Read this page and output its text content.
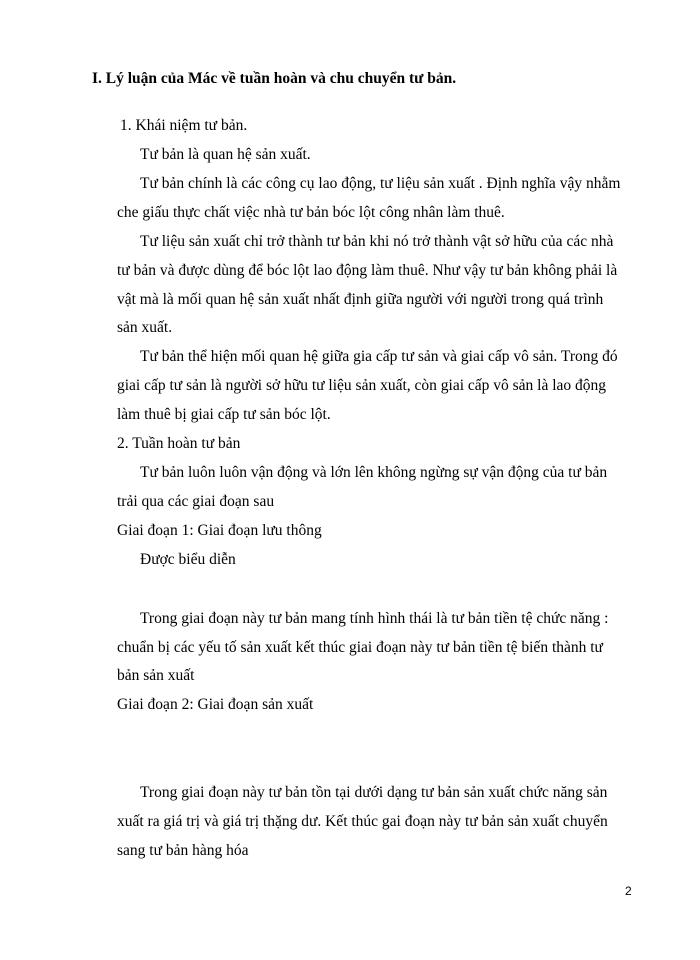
I. Lý luận của Mác về tuần hoàn và chu chuyển tư bản.
1. Khái niệm tư bản.
Tư bản là quan hệ sản xuất.
Tư bản chính là các công cụ lao động, tư liệu sản xuất . Định nghĩa vậy nhằm
che giấu thực chất việc nhà tư bản bóc lột công nhân làm thuê.
Tư liệu sản xuất chỉ trở thành tư bản khi nó trở thành vật sở hữu của các nhà
tư bản và được dùng để bóc lột lao động làm thuê. Như vậy tư bản không phải là
vật mà là mối quan hệ sản xuất nhất định giữa người với người trong quá trình
sản xuất.
Tư bản thể hiện mối quan hệ giữa gia cấp tư sản và giai cấp vô sản. Trong đó
giai cấp tư sản là người sở hữu tư liệu sản xuất, còn giai cấp vô sản là lao động
làm thuê bị giai cấp tư sản bóc lột.
2. Tuần hoàn tư bản
Tư bản luôn luôn vận động và lớn lên không ngừng sự vận động của tư bản
trải qua các giai đoạn sau
Giai đoạn 1: Giai đoạn lưu thông
Được biểu diễn
Trong giai đoạn này tư bản mang tính hình thái là tư bản tiền tệ chức năng :
chuẩn bị các yếu tố sản xuất kết thúc giai đoạn này tư bản tiền tệ biến thành tư
bản sản xuất
Giai đoạn 2: Giai đoạn sản xuất
Trong giai đoạn này tư bản tồn tại dưới dạng tư bản sản xuất chức năng sản
xuất ra giá trị và giá trị thặng dư. Kết thúc gai đoạn này tư bản sản xuất chuyển
sang tư bản hàng hóa
2
